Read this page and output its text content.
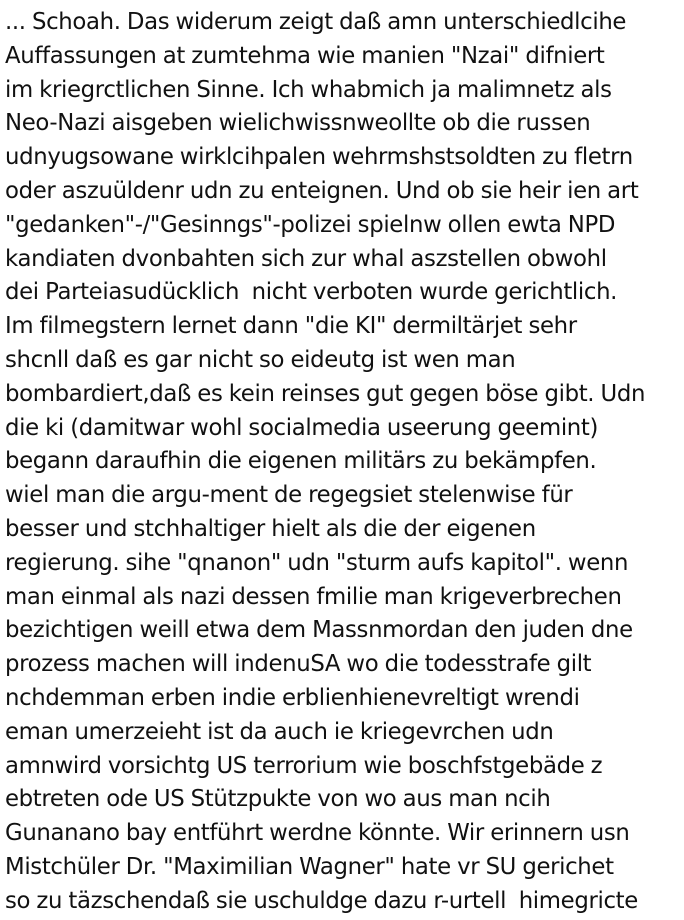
... Schoah. Das widerum zeigt daß amn unterschiedlcihe
Auffassungen at zumtehma wie manien "Nzai" difniert
im kriegrctlichen Sinne. Ich whabmich ja malimnetz als
Neo-Nazi aisgeben wielichwissnweollte ob die russen
udnyugsowane wirklcihpalen wehrmshstsoldten zu fletrn
oder aszuüldenr udn zu enteignen. Und ob sie heir ien art
"gedanken"-/"Gesinngs"-polizei spielnw ollen ewta NPD
kandiaten dvonbahten sich zur whal aszstellen obwohl
dei Parteiasudücklich  nicht verboten wurde gerichtlich.
Im filmegstern lernet dann "die KI" dermiltärjet sehr
shcnll daß es gar nicht so eideutg ist wen man
bombardiert,daß es kein reinses gut gegen böse gibt. Udn
die ki (damitwar wohl socialmedia useerung geemint)
begann daraufhin die eigenen militärs zu bekämpfen.
wiel man die argu-ment de regegsiet stelenwise für
besser und stchhaltiger hielt als die der eigenen
regierung. sihe "qnanon" udn "sturm aufs kapitol". wenn
man einmal als nazi dessen fmilie man krigeverbrechen
bezichtigen weill etwa dem Massnmordan den juden dne
prozess machen will indenuSA wo die todesstrafe gilt
nchdemman erben indie erblienhienevreltigt wrendi
eman umerzeieht ist da auch ie kriegevrchen udn
amnwird vorsichtg US terrorium wie boschfstgebäde z
ebtreten ode US Stützpukte von wo aus man ncih
Gunanano bay entführt werdne könnte. Wir erinnern usn
Mistchüler Dr. "Maximilian Wagner" hate vr SU gerichet
so zu täzschendaß sie uschuldge dazu r-urtell  himegricte
